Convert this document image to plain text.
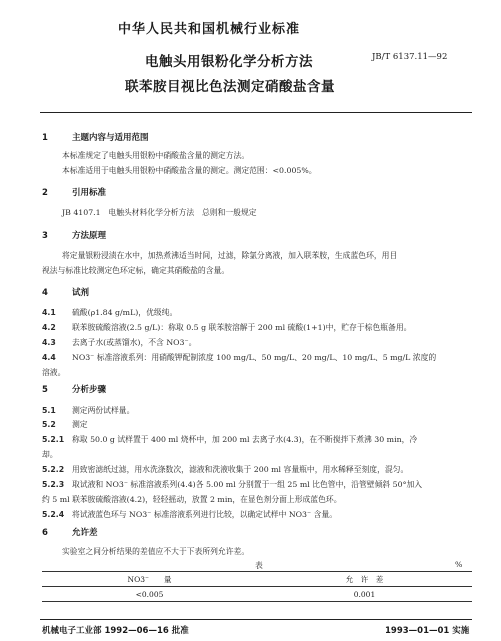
中华人民共和国机械行业标准
电触头用银粉化学分析方法	JB/T 6137.11—92
联苯胺目视比色法测定硝酸盐含量
1	主题内容与适用范围
本标准规定了电触头用银粉中硝酸盐含量的测定方法。
本标准适用于电触头用银粉中硝酸盐含量的测定。测定范围：<0.005%。
2	引用标准
JB 4107.1　电触头材料化学分析方法　总则和一般规定
3	方法原理
将定量银粉浸渍在水中，加热煮沸适当时间，过滤，除氯分离液，加入联苯胺，生成蓝色环，用目
视法与标准比较测定色环定标，确定其硝酸盐的含量。
4	试剂
4.1 硫酸(ρ1.84 g/mL)，优级纯。
4.2 联苯胺硫酸溶液(2.5 g/L)：称取 0.5 g 联苯胺溶解于 200 ml 硫酸(1+1)中，贮存于棕色瓶备用。
4.3 去离子水(或蒸馏水)，不含 NO3⁻。
4.4 NO3⁻ 标准溶液系列：用硝酸钾配制浓度 100 mg/L、50 mg/L、20 mg/L、10 mg/L、5 mg/L 浓度的
溶液。
5	分析步骤
5.1 测定两份试样量。
5.2 测定
5.2.1 称取 50.0 g 试样置于 400 ml 烧杯中，加 200 ml 去离子水(4.3)，在不断搅拌下煮沸 30 min，冷
却。
5.2.2 用致密滤纸过滤，用水洗涤数次，滤液和洗液收集于 200 ml 容量瓶中，用水稀释至刻度，混匀。
5.2.3 取试液和 NO3⁻ 标准溶液系列(4.4)各 5.00 ml 分别置于一组 25 ml 比色管中，沿管壁倾斜 50°加入
约 5 ml 联苯胺硫酸溶液(4.2)，轻轻摇动，放置 2 min，在显色剂分面上形成蓝色环。
5.2.4 将试液蓝色环与 NO3⁻ 标准溶液系列进行比较，以确定试样中 NO3⁻ 含量。
6	允许差
实验室之间分析结果的差值应不大于下表所列允许差。
表	%
NO3⁻　　量	允　许　差
<0.005	0.001
机械电子工业部 1992—06—16 批准	1993—01—01 实施
